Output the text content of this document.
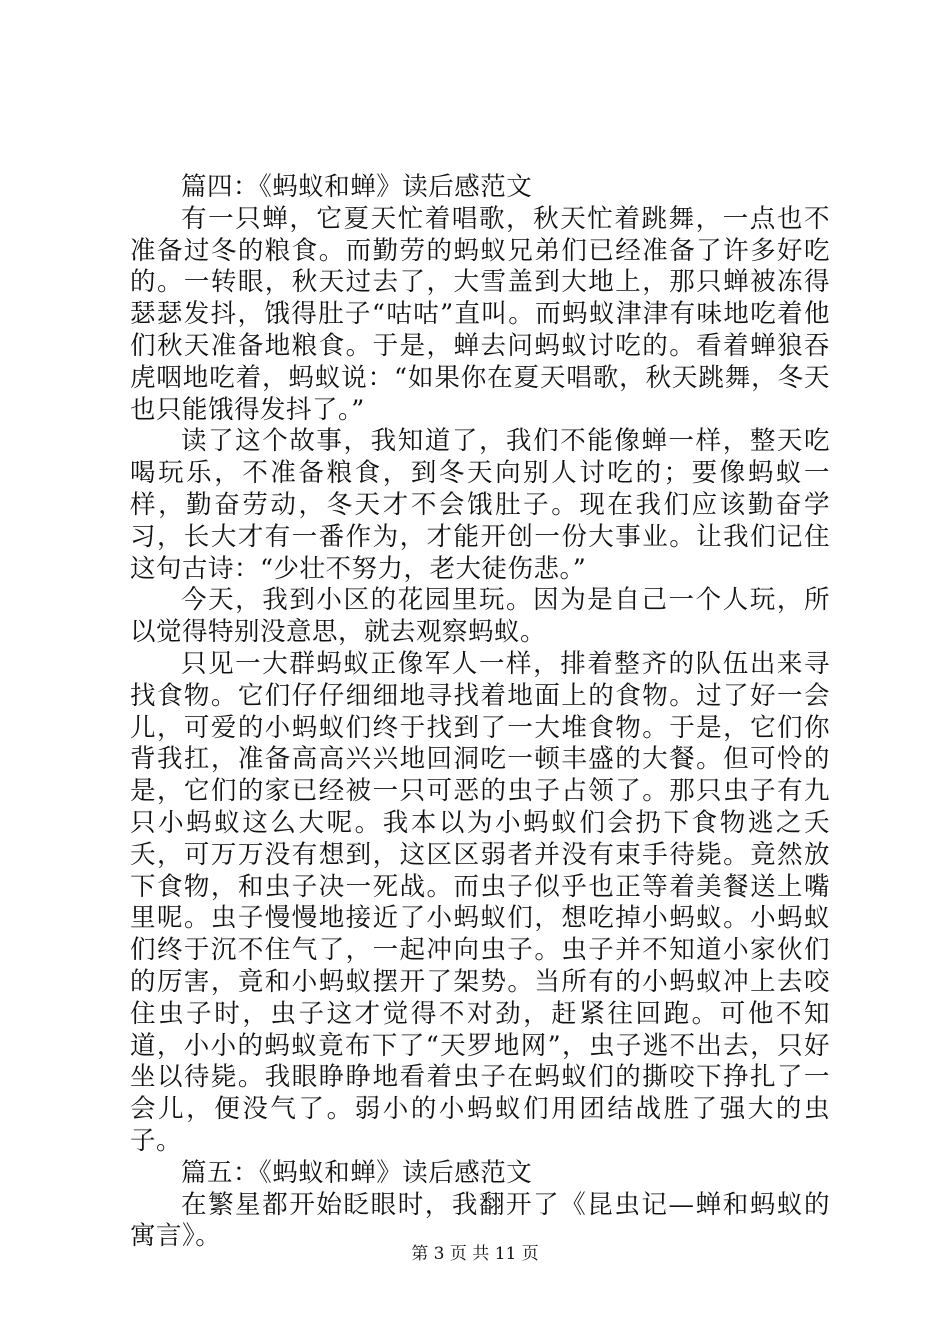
篇四：《蚂蚁和蝉》读后感范文

有一只蝉，它夏天忙着唱歌，秋天忙着跳舞，一点也不准备过冬的粮食。而勤劳的蚂蚁兄弟们已经准备了许多好吃的。一转眼，秋天过去了，大雪盖到大地上，那只蝉被冻得瑟瑟发抖，饿得肚子“咕咕”直叫。而蚂蚁津津有味地吃着他们秋天准备地粮食。于是，蝉去问蚂蚁讨吃的。看着蝉狼吞虎咽地吃着，蚂蚁说：“如果你在夏天唱歌，秋天跳舞，冬天也只能饿得发抖了。”

读了这个故事，我知道了，我们不能像蝉一样，整天吃喝玩乐，不准备粮食，到冬天向别人讨吃的；要像蚂蚁一样，勤奋劳动，冬天才不会饿肚子。现在我们应该勤奋学习，长大才有一番作为，才能开创一份大事业。让我们记住这句古诗：“少壮不努力，老大徒伤悲。”

今天，我到小区的花园里玩。因为是自己一个人玩，所以觉得特别没意思，就去观察蚂蚁。

只见一大群蚂蚁正像军人一样，排着整齐的队伍出来寻找食物。它们仔仔细细地寻找着地面上的食物。过了好一会儿，可爱的小蚂蚁们终于找到了一大堆食物。于是，它们你背我扛，准备高高兴兴地回洞吃一顿丰盛的大餐。但可怜的是，它们的家已经被一只可恶的虫子占领了。那只虫子有九只小蚂蚁这么大呢。我本以为小蚂蚁们会扔下食物逃之夭夭，可万万没有想到，这区区弱者并没有束手待毙。竟然放下食物，和虫子决一死战。而虫子似乎也正等着美餐送上嘴里呢。虫子慢慢地接近了小蚂蚁们，想吃掉小蚂蚁。小蚂蚁们终于沉不住气了，一起冲向虫子。虫子并不知道小家伙们的厉害，竟和小蚂蚁摆开了架势。当所有的小蚂蚁冲上去咬住虫子时，虫子这才觉得不对劲，赶紧往回跑。可他不知道，小小的蚂蚁竟布下了“天罗地网”，虫子逃不出去，只好坐以待毙。我眼睁睁地看着虫子在蚂蚁们的撕咬下挣扎了一会儿，便没气了。弱小的小蚂蚁们用团结战胜了强大的虫子。

篇五：《蚂蚁和蝉》读后感范文

在繁星都开始眨眼时，我翻开了《昆虫记—蝉和蚂蚁的寓言》。

第 3 页 共 11 页
